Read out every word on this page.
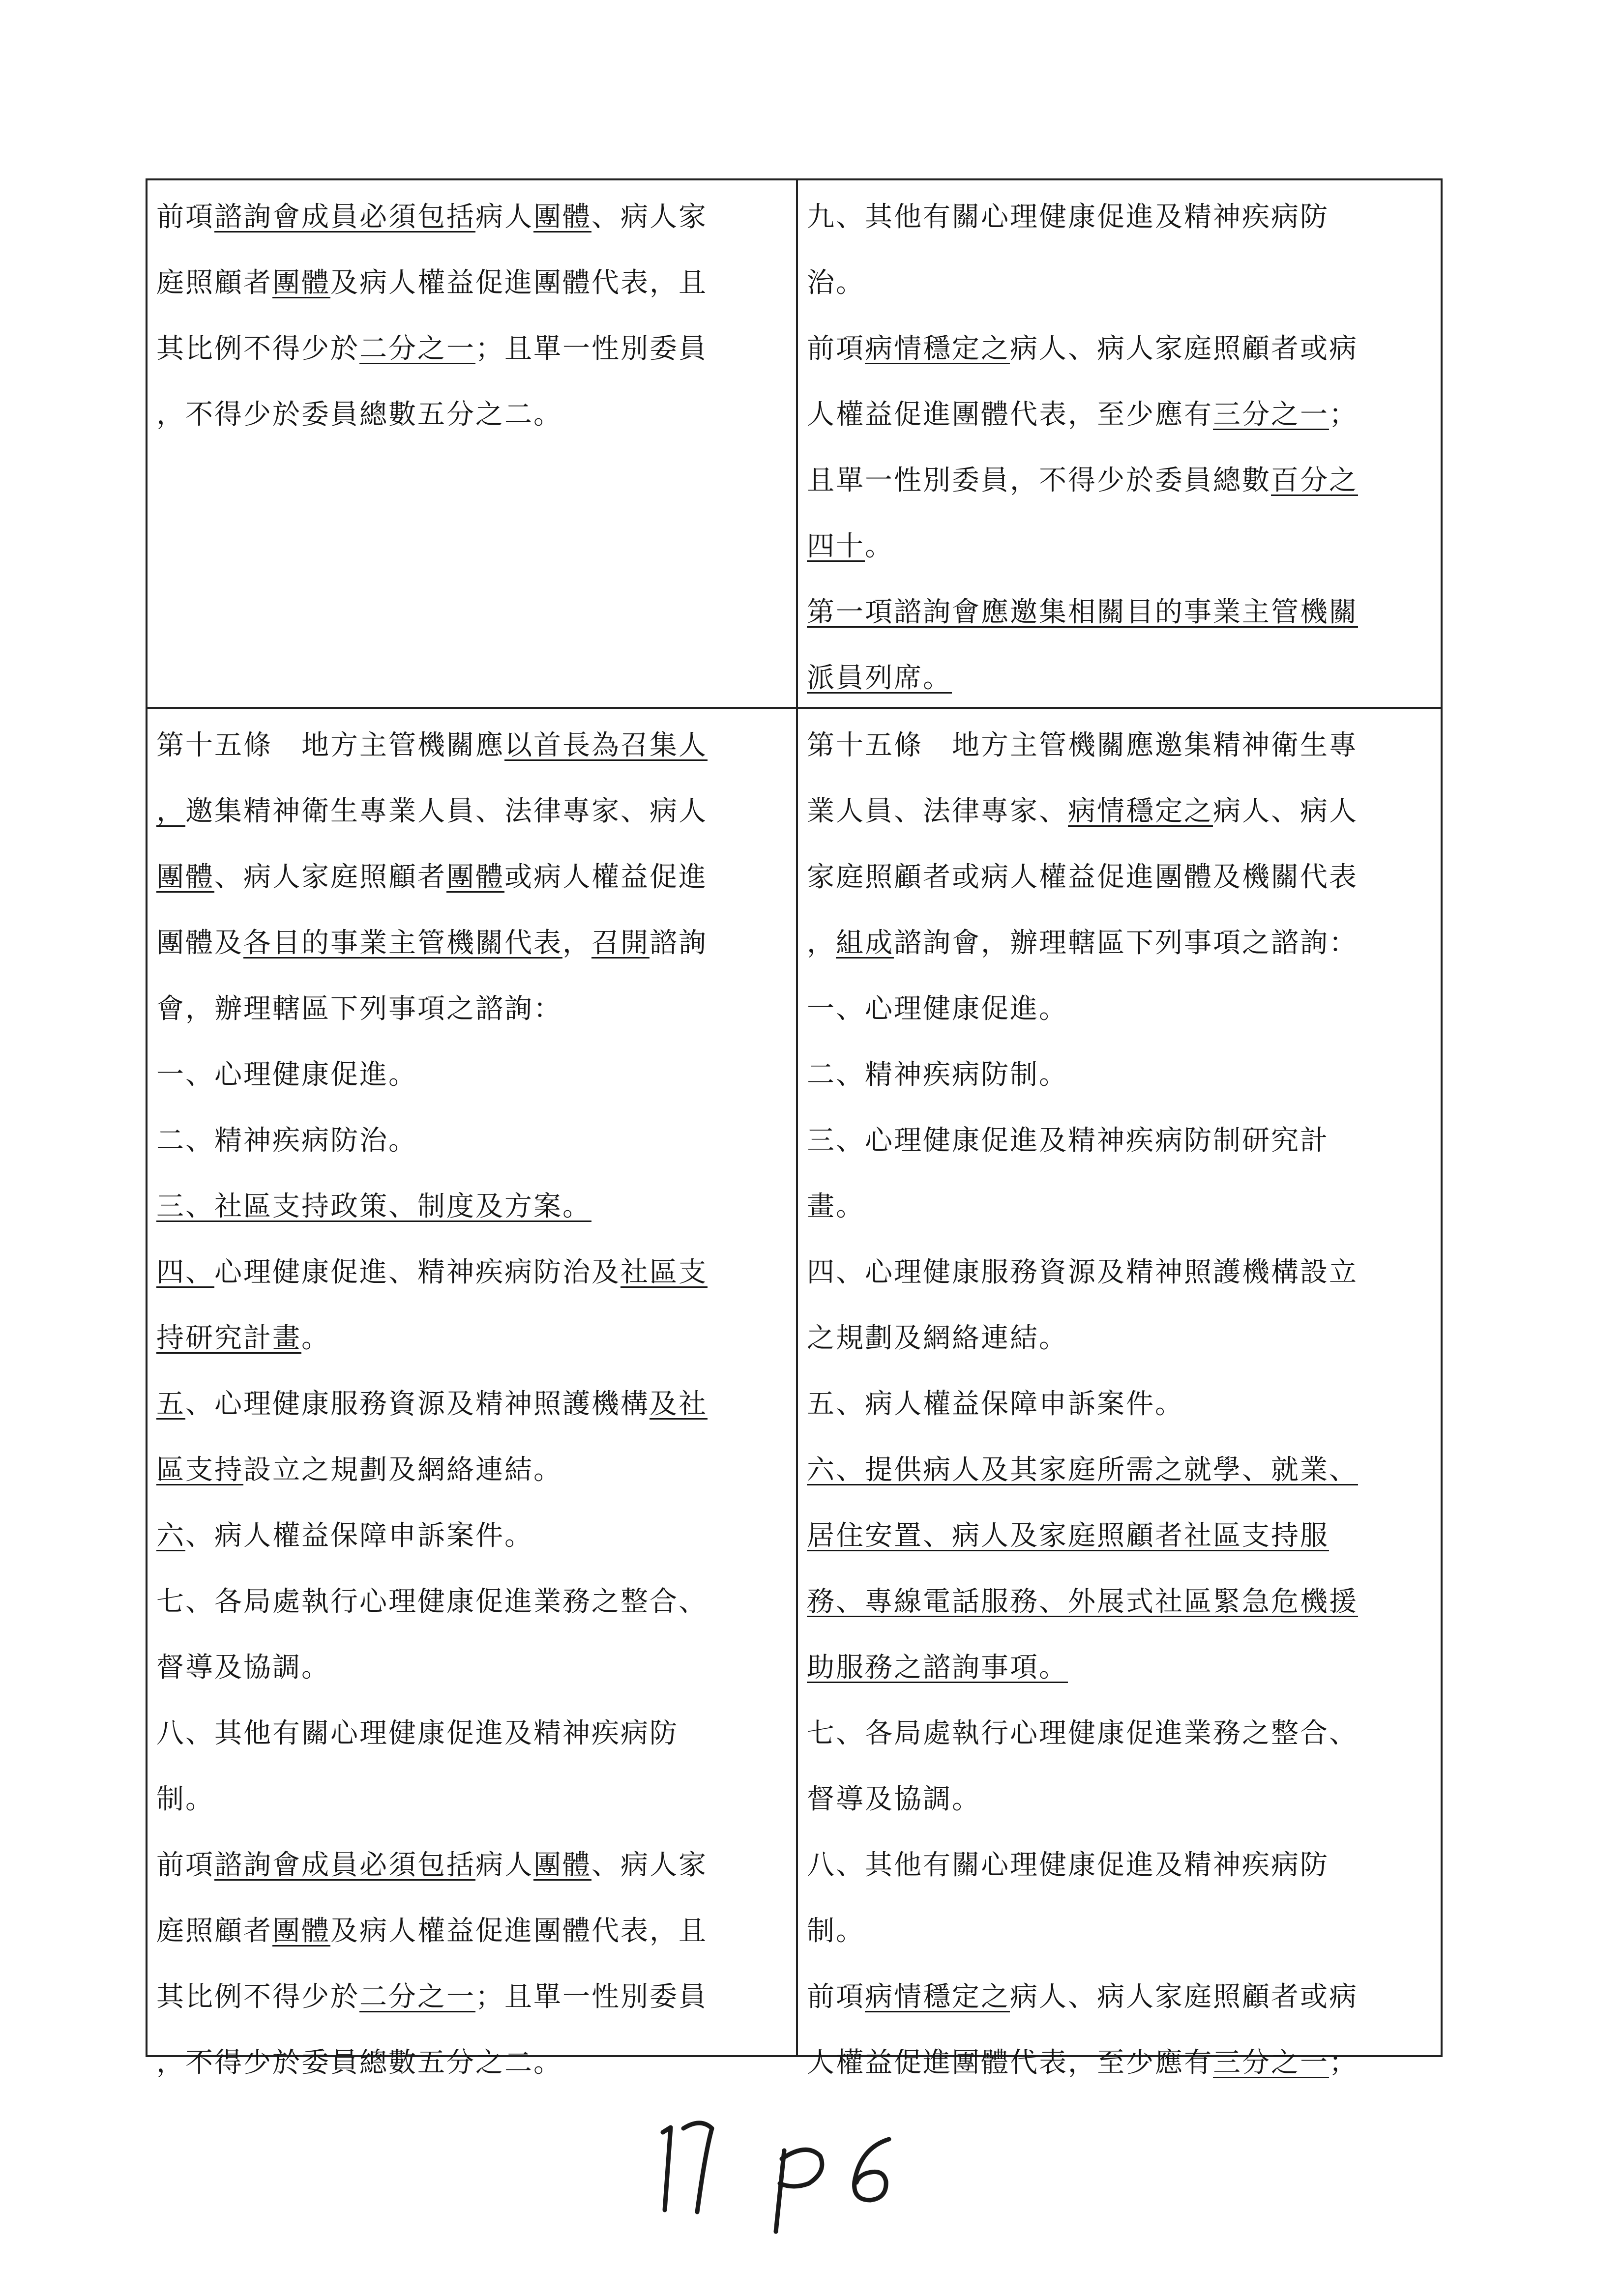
前項諮詢會成員必須包括病人團體、病人家
庭照顧者團體及病人權益促進團體代表，且
其比例不得少於二分之一；且單一性別委員
，不得少於委員總數五分之二。
九、其他有關心理健康促進及精神疾病防
治。
前項病情穩定之病人、病人家庭照顧者或病
人權益促進團體代表，至少應有三分之一；
且單一性別委員，不得少於委員總數百分之
四十。
第一項諮詢會應邀集相關目的事業主管機關
派員列席。
第十五條　地方主管機關應以首長為召集人
，邀集精神衛生專業人員、法律專家、病人
團體、病人家庭照顧者團體或病人權益促進
團體及各目的事業主管機關代表，召開諮詢
會，辦理轄區下列事項之諮詢：
一、心理健康促進。
二、精神疾病防治。
三、社區支持政策、制度及方案。
四、心理健康促進、精神疾病防治及社區支
持研究計畫。
五、心理健康服務資源及精神照護機構及社
區支持設立之規劃及網絡連結。
六、病人權益保障申訴案件。
七、各局處執行心理健康促進業務之整合、
督導及協調。
八、其他有關心理健康促進及精神疾病防
制。
前項諮詢會成員必須包括病人團體、病人家
庭照顧者團體及病人權益促進團體代表，且
其比例不得少於二分之一；且單一性別委員
，不得少於委員總數五分之二。
第十五條　地方主管機關應邀集精神衛生專
業人員、法律專家、病情穩定之病人、病人
家庭照顧者或病人權益促進團體及機關代表
，組成諮詢會，辦理轄區下列事項之諮詢：
一、心理健康促進。
二、精神疾病防制。
三、心理健康促進及精神疾病防制研究計
畫。
四、心理健康服務資源及精神照護機構設立
之規劃及網絡連結。
五、病人權益保障申訴案件。
六、提供病人及其家庭所需之就學、就業、
居住安置、病人及家庭照顧者社區支持服
務、專線電話服務、外展式社區緊急危機援
助服務之諮詢事項。
七、各局處執行心理健康促進業務之整合、
督導及協調。
八、其他有關心理健康促進及精神疾病防
制。
前項病情穩定之病人、病人家庭照顧者或病
人權益促進團體代表，至少應有三分之一；
